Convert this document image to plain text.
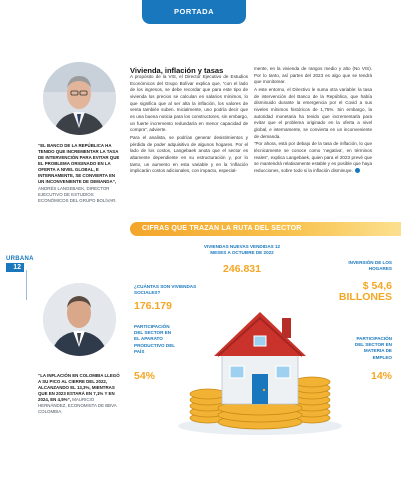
PORTADA
“EL BANCO DE LA REPÚBLICA HA TENIDO QUE INCREMENTAR LA TASA DE INTERVENCIÓN PARA EVITAR QUE EL PROBLEMA ORIGINADO EN LA OFERTA A NIVEL GLOBAL, E INTERNAMENTE, SE CONVIERTA EN UN INCONVENIENTE DE DEMANDA”, ANDRÉS LANGEBAEK, DIRECTOR EJECUTIVO DE ESTUDIOS ECONÓMICOS DEL GRUPO BOLÍVAR.
URBANA
12
“LA INFLACIÓN EN COLOMBIA LLEGÓ A SU PICO AL CIERRE DEL 2022, ALCANZANDO EL 13,3%, MIENTRAS QUE EN 2023 ESTARÁ EN 7,1% Y EN 2024, EN 4,5%”, MAURICIO HERNÁNDEZ, ECONOMISTA DE BBVA COLOMBIA.
Vivienda, inflación y tasas

A propósito de la VIS, el Director Ejecutivo de Estudios Económicos del Grupo Bolívar explica que, “con el lado de los ingresos, se debe recordar que para este tipo de vivienda los precios se calculan en salarios mínimos, lo que significa que al ser alta la inflación, los valores de venta también suben. Inicialmente, uno podría decir que es una buena noticia para los constructores, sin embargo, un fuerte incremento redundaría en menor capacidad de compra”, advierte.

Para el analista, se podrían generar desistimientos y pérdida de poder adquisitivo de algunos hogares. Por el lado de los costos, Langebaek anota que el sector es altamente dependiente en su estructuración y, por lo tanto, un aumento en esta variable y en la ‘inflación implicarán costos adicionales, con impacto, especial-

mente, en la vivienda de rangos medio y alto (No VIS). Por lo tanto, así partes del 2023 es algo que se tendrá que monitorear.

A este entorno, el Directivo le suma otra variable: la tasa de intervención del Banco de la República, que había disminuido durante la emergencia por el Covid a sus niveles mínimos históricos de 1,75%. Sin embargo, la autoridad monetaria ha tenido que incrementarla para evitar que el problema originado en la oferta a nivel global, e internamente, se convierta en un inconveniente de demanda.

“Por ahora, está por debajo de la tasa de inflación, lo que técnicamente se conoce como ‘negativa’, en términos reales”, explica Langebaek, quien para el 2023 prevé que se mantendrá relativamente estable y es posible que haya reducciones, sobre todo si la inflación disminuye.

CIFRAS QUE TRAZAN LA RUTA DEL SECTOR
VIVIENDAS NUEVAS VENDIDAS 12 MESES A OCTUBRE DE 2022
246.831
INVERSIÓN DE LOS HOGARES
$ 54,6 BILLONES
¿CUÁNTAS SON VIVIENDAS SOCIALES?
176.179
PARTICIPACIÓN DEL SECTOR EN EL APARATO PRODUCTIVO DEL PAÍS
54%
PARTICIPACIÓN DEL SECTOR EN MATERIA DE EMPLEO
14%
